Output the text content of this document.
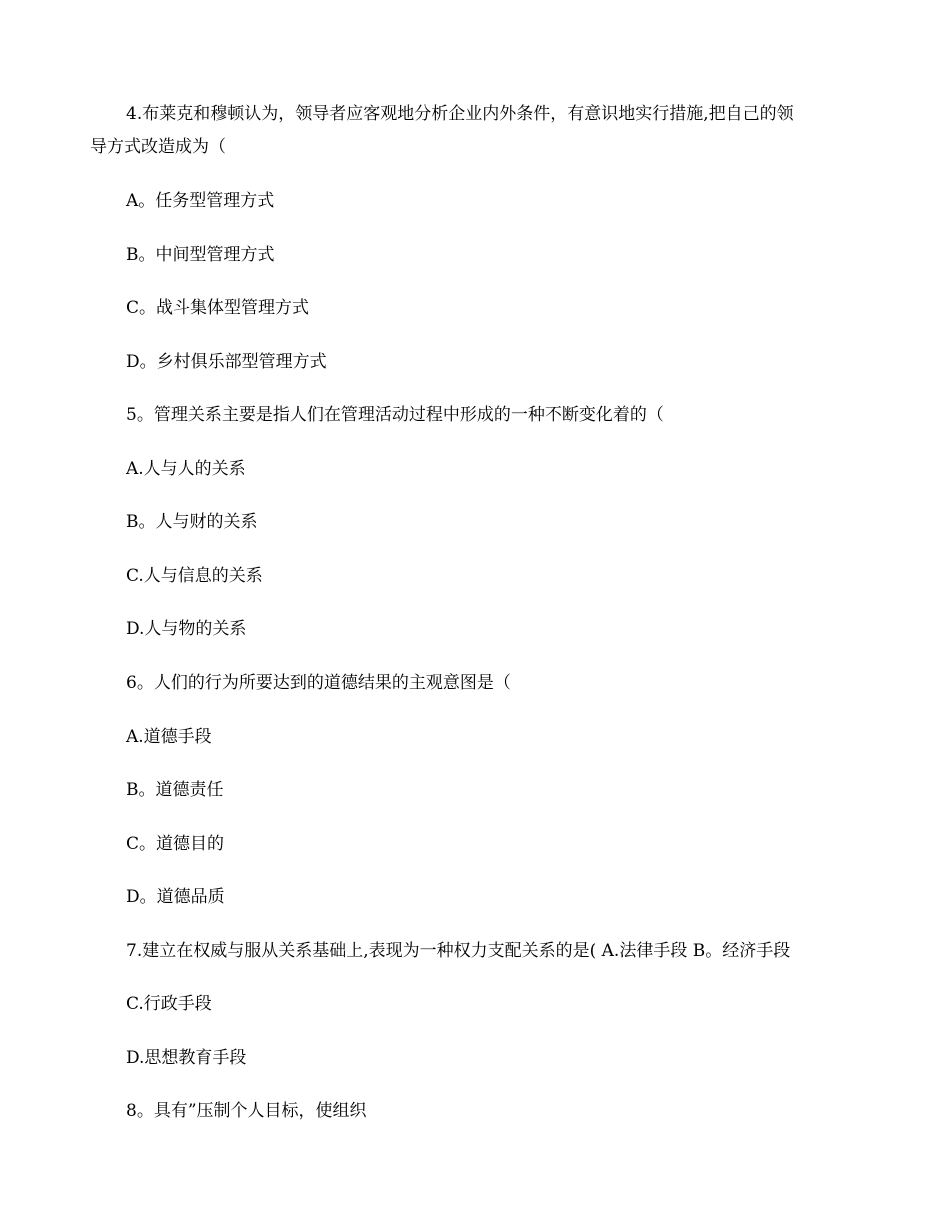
4.布莱克和穆顿认为，领导者应客观地分析企业内外条件，有意识地实行措施,把自己的领
导方式改造成为（
A。任务型管理方式
B。中间型管理方式
C。战斗集体型管理方式
D。乡村俱乐部型管理方式
5。管理关系主要是指人们在管理活动过程中形成的一种不断变化着的（
A.人与人的关系
B。人与财的关系
C.人与信息的关系
D.人与物的关系
6。人们的行为所要达到的道德结果的主观意图是（
A.道德手段
B。道德责任
C。道德目的
D。道德品质
7.建立在权威与服从关系基础上,表现为一种权力支配关系的是( A.法律手段 B。经济手段
C.行政手段
D.思想教育手段
8。具有”压制个人目标，使组织
